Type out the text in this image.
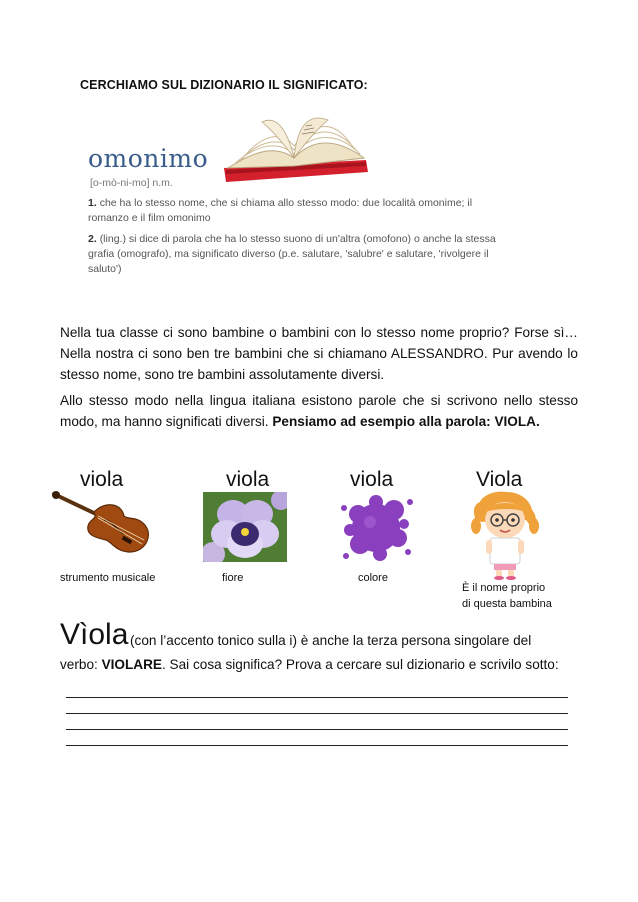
CERCHIAMO SUL DIZIONARIO IL SIGNIFICATO:
omonimo
[o-mò-ni-mo] n.m.
1. che ha lo stesso nome, che si chiama allo stesso modo: due località omonime; il romanzo e il film omonimo
2. (ling.) si dice di parola che ha lo stesso suono di un'altra (omofono) o anche la stessa grafia (omografo), ma significato diverso (p.e. salutare, 'salubre' e salutare, 'rivolgere il saluto')
Nella tua classe ci sono bambine o bambini con lo stesso nome proprio? Forse sì… Nella nostra ci sono ben tre bambini che si chiamano ALESSANDRO. Pur avendo lo stesso nome, sono tre bambini assolutamente diversi.
Allo stesso modo nella lingua italiana esistono parole che si scrivono nello stesso modo, ma hanno significati diversi. Pensiamo ad esempio alla parola: VIOLA.
viola	viola	viola	Viola
strumento musicale	fiore	colore
È il nome proprio
di questa bambina
Vìola (con l’accento tonico sulla i) è anche la terza persona singolare del
verbo: VIOLARE. Sai cosa significa? Prova a cercare sul dizionario e scrivilo sotto:
